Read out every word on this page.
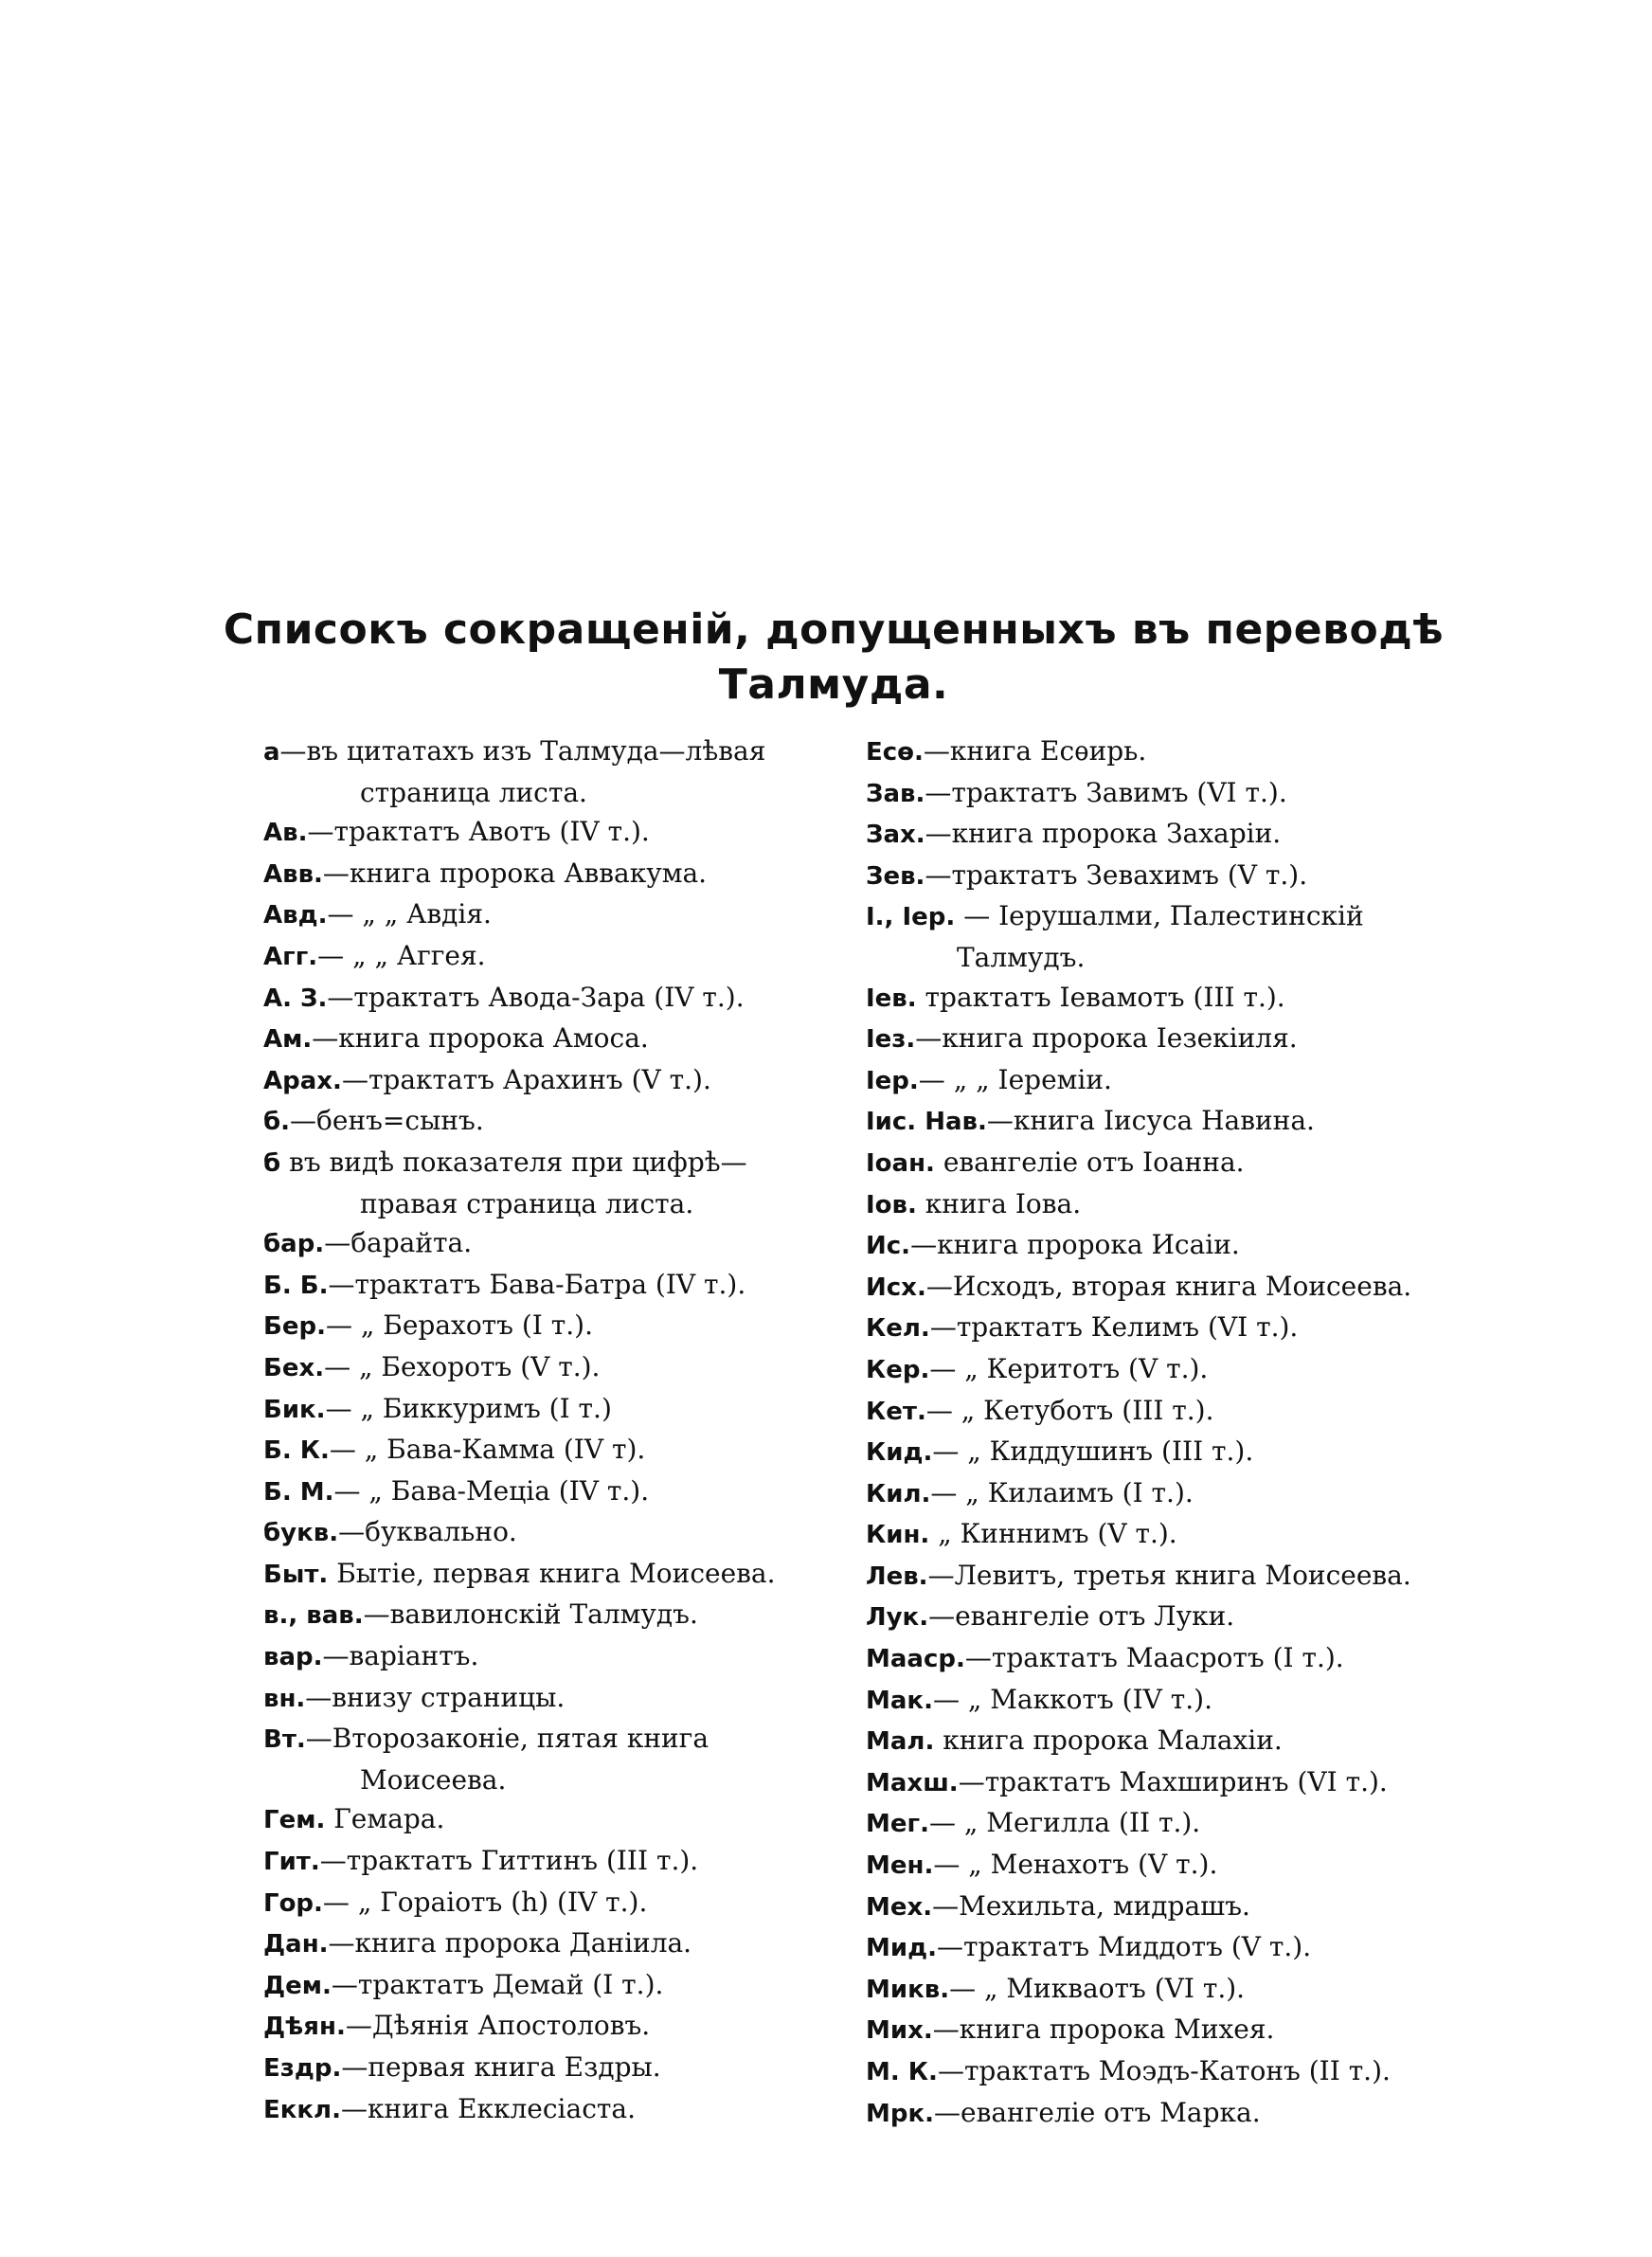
Списокъ сокращеній, допущенныхъ въ переводѣ
Талмуда.
а—въ цитатахъ изъ Талмуда—лѣвая страница листа.
Ав.—трактатъ Авотъ (IV т.).
Авв.—книга пророка Аввакума.
Авд.— „ „ Авдія.
Агг.— „ „ Аггея.
А. З.—трактатъ Авода-Зара (IV т.).
Ам.—книга пророка Амоса.
Арах.—трактатъ Арахинъ (V т.).
б.—бенъ=сынъ.
б въ видѣ показателя при цифрѣ—правая страница листа.
бар.—барайта.
Б. Б.—трактатъ Бава-Батра (IV т.).
Бер.— „ Берахотъ (I т.).
Бех.— „ Бехоротъ (V т.).
Бик.— „ Биккуримъ (I т.)
Б. К.— „ Бава-Камма (IV т).
Б. М.— „ Бава-Меціа (IV т.).
букв.—буквально.
Быт. Бытіе, первая книга Моисеева.
в., вав.—вавилонскій Талмудъ.
вар.—варіантъ.
вн.—внизу страницы.
Вт.—Второзаконіе, пятая книга Моисеева.
Гем. Гемара.
Гит.—трактатъ Гиттинъ (III т.).
Гор.— „ Гораіотъ (h) (IV т.).
Дан.—книга пророка Даніила.
Дем.—трактатъ Демай (I т.).
Дѣян.—Дѣянія Апостоловъ.
Ездр.—первая книга Ездры.
Еккл.—книга Екклесіаста.
Есѳ.—книга Есѳирь.
Зав.—трактатъ Завимъ (VI т.).
Зах.—книга пророка Захаріи.
Зев.—трактатъ Зевахимъ (V т.).
І., Іер. — Іерушалми, Палестинскій Талмудъ.
Іев. трактатъ Іевамотъ (III т.).
Іез.—книга пророка Іезекіиля.
Іер.— „ „ Іереміи.
Іис. Нав.—книга Іисуса Навина.
Іоан. евангеліе отъ Іоанна.
Іов. книга Іова.
Ис.—книга пророка Исаіи.
Исх.—Исходъ, вторая книга Моисеева.
Кел.—трактатъ Келимъ (VI т.).
Кер.— „ Керитотъ (V т.).
Кет.— „ Кетуботъ (III т.).
Кид.— „ Киддушинъ (III т.).
Кил.— „ Килаимъ (I т.).
Кин. „ Киннимъ (V т.).
Лев.—Левитъ, третья книга Моисеева.
Лук.—евангеліе отъ Луки.
Мааср.—трактатъ Маасротъ (I т.).
Мак.— „ Маккотъ (IV т.).
Мал. книга пророка Малахіи.
Махш.—трактатъ Махширинъ (VI т.).
Мег.— „ Мегилла (II т.).
Мен.— „ Менахотъ (V т.).
Мех.—Мехильта, мидрашъ.
Мид.—трактатъ Миддотъ (V т.).
Микв.— „ Микваотъ (VI т.).
Мих.—книга пророка Михея.
М. К.—трактатъ Моэдъ-Катонъ (II т.).
Мрк.—евангеліе отъ Марка.
